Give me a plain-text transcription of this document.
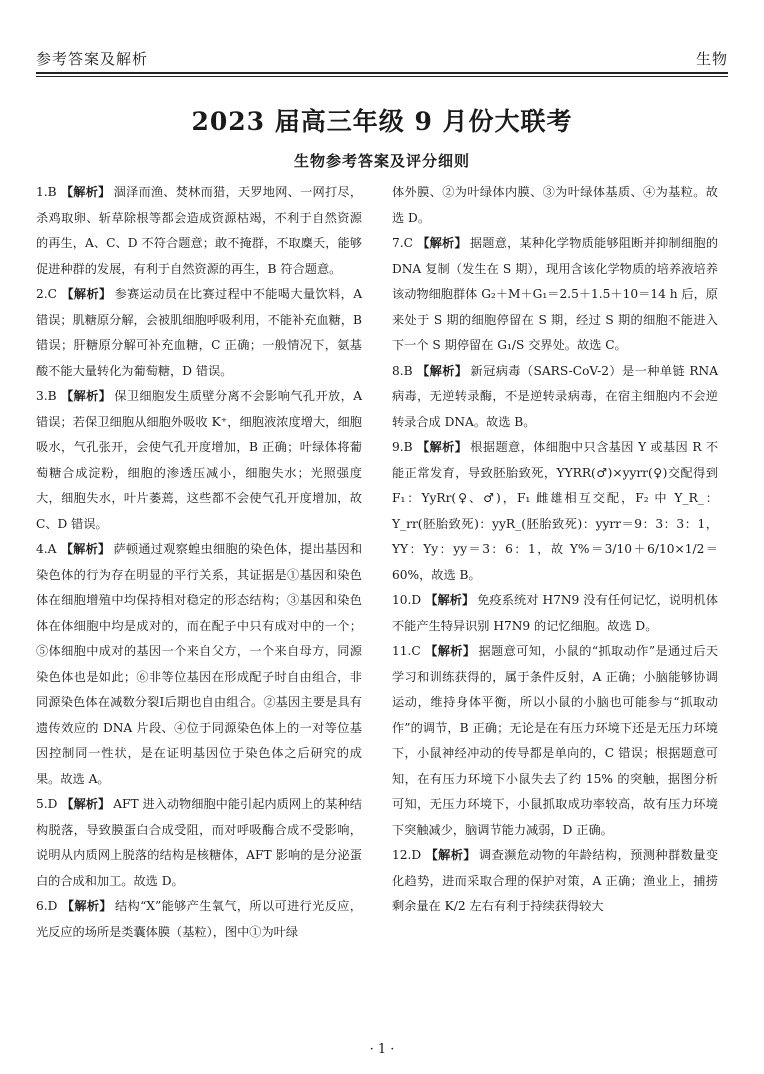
参考答案及解析	生物
2023 届高三年级 9 月份大联考
生物参考答案及评分细则

1.B 【解析】 涸泽而渔、焚林而猎，天罗地网、一网打尽，杀鸡取卵、斩草除根等都会造成资源枯竭，不利于自然资源的再生，A、C、D 不符合题意；敢不掩群，不取麇夭，能够促进种群的发展，有利于自然资源的再生，B 符合题意。

2.C 【解析】 参赛运动员在比赛过程中不能喝大量饮料，A 错误；肌糖原分解，会被肌细胞呼吸利用，不能补充血糖，B 错误；肝糖原分解可补充血糖，C 正确；一般情况下，氨基酸不能大量转化为葡萄糖，D 错误。

3.B 【解析】 保卫细胞发生质壁分离不会影响气孔开放，A 错误；若保卫细胞从细胞外吸收 K⁺，细胞液浓度增大，细胞吸水，气孔张开，会使气孔开度增加，B 正确；叶绿体将葡萄糖合成淀粉，细胞的渗透压减小，细胞失水；光照强度大，细胞失水，叶片萎蔫，这些都不会使气孔开度增加，故 C、D 错误。

4.A 【解析】 萨顿通过观察蝗虫细胞的染色体，提出基因和染色体的行为存在明显的平行关系，其证据是①基因和染色体在细胞增殖中均保持相对稳定的形态结构；③基因和染色体在体细胞中均是成对的，而在配子中只有成对中的一个；⑤体细胞中成对的基因一个来自父方，一个来自母方，同源染色体也是如此；⑥非等位基因在形成配子时自由组合，非同源染色体在减数分裂Ⅰ后期也自由组合。②基因主要是具有遗传效应的 DNA 片段、④位于同源染色体上的一对等位基因控制同一性状，是在证明基因位于染色体之后研究的成果。故选 A。

5.D 【解析】 AFT 进入动物细胞中能引起内质网上的某种结构脱落，导致膜蛋白合成受阻，而对呼吸酶合成不受影响，说明从内质网上脱落的结构是核糖体，AFT 影响的是分泌蛋白的合成和加工。故选 D。

6.D 【解析】 结构“X”能够产生氧气，所以可进行光反应，光反应的场所是类囊体膜（基粒），图中①为叶绿

体外膜、②为叶绿体内膜、③为叶绿体基质、④为基粒。故选 D。

7.C 【解析】 据题意，某种化学物质能够阻断并抑制细胞的 DNA 复制（发生在 S 期），现用含该化学物质的培养液培养该动物细胞群体 G₂＋M＋G₁＝2.5＋1.5＋10＝14 h 后，原来处于 S 期的细胞停留在 S 期，经过 S 期的细胞不能进入下一个 S 期停留在 G₁/S 交界处。故选 C。

8.B 【解析】 新冠病毒（SARS-CoV-2）是一种单链 RNA 病毒，无逆转录酶，不是逆转录病毒，在宿主细胞内不会逆转录合成 DNA。故选 B。

9.B 【解析】 根据题意，体细胞中只含基因 Y 或基因 R 不能正常发育，导致胚胎致死，YYRR(♂)×yyrr(♀)交配得到 F₁：YyRr(♀、♂)，F₁ 雌雄相互交配，F₂ 中 Y_R_：Y_rr(胚胎致死)：yyR_(胚胎致死)：yyrr＝9：3：3：1，YY：Yy：yy＝3：6：1，故 Y%＝3/10＋6/10×1/2＝60%，故选 B。

10.D 【解析】 免疫系统对 H7N9 没有任何记忆，说明机体不能产生特异识别 H7N9 的记忆细胞。故选 D。

11.C 【解析】 据题意可知，小鼠的“抓取动作”是通过后天学习和训练获得的，属于条件反射，A 正确；小脑能够协调运动，维持身体平衡，所以小鼠的小脑也可能参与“抓取动作”的调节，B 正确；无论是在有压力环境下还是无压力环境下，小鼠神经冲动的传导都是单向的，C 错误；根据题意可知，在有压力环境下小鼠失去了约 15% 的突触，据图分析可知，无压力环境下，小鼠抓取成功率较高，故有压力环境下突触减少，脑调节能力减弱，D 正确。

12.D 【解析】 调查濒危动物的年龄结构，预测种群数量变化趋势，进而采取合理的保护对策，A 正确；渔业上，捕捞剩余量在 K/2 左右有利于持续获得较大

· 1 ·
